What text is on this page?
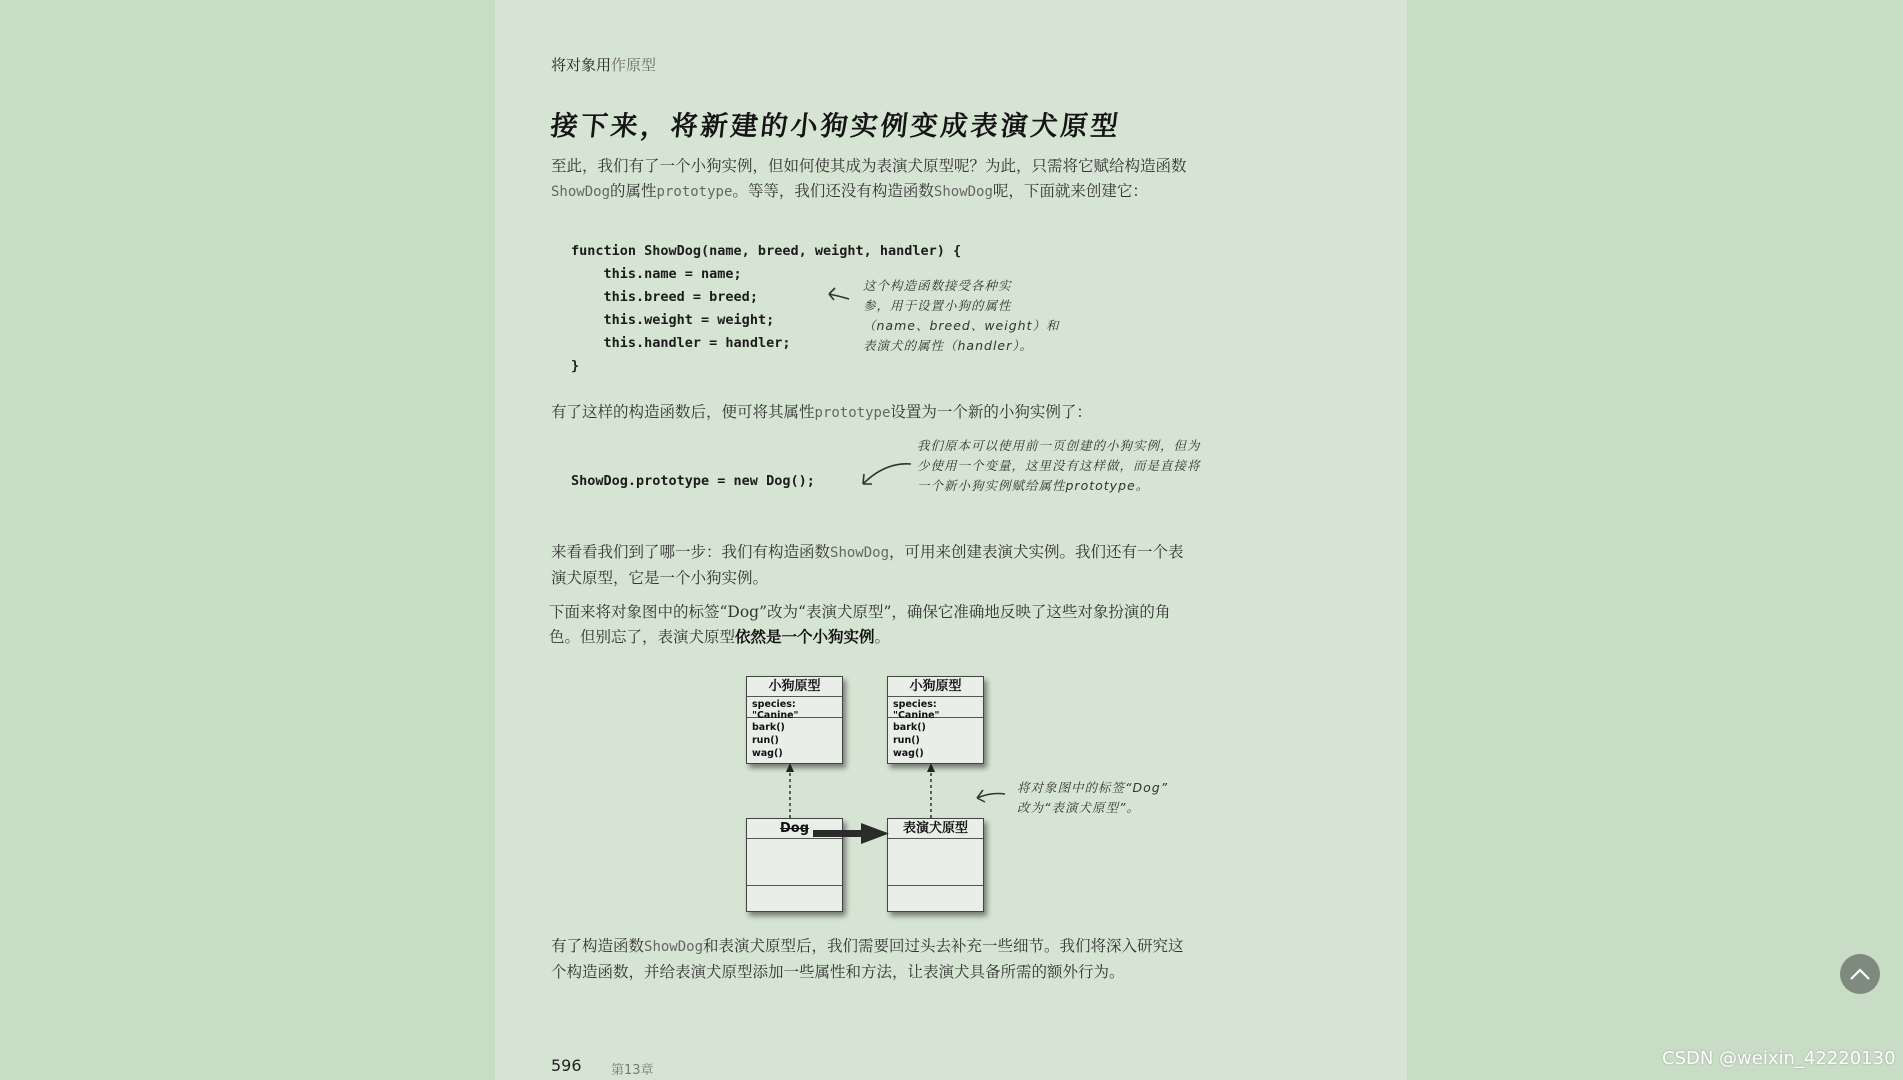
将对象用作原型
接下来，将新建的小狗实例变成表演犬原型
至此，我们有了一个小狗实例，但如何使其成为表演犬原型呢？为此，只需将它赋给构造函数ShowDog的属性prototype。等等，我们还没有构造函数ShowDog呢，下面就来创建它：
function ShowDog(name, breed, weight, handler) {
this.name = name;
this.breed = breed;
this.weight = weight;
this.handler = handler;
}
这个构造函数接受各种实
参，用于设置小狗的属性
（name、breed、weight）和
表演犬的属性（handler）。
有了这样的构造函数后，便可将其属性prototype设置为一个新的小狗实例了：
ShowDog.prototype = new Dog();
我们原本可以使用前一页创建的小狗实例，但为
少使用一个变量，这里没有这样做，而是直接将
一个新小狗实例赋给属性prototype。
来看看我们到了哪一步：我们有构造函数ShowDog，可用来创建表演犬实例。我们还有一个表演犬原型，它是一个小狗实例。
下面来将对象图中的标签“Dog”改为“表演犬原型”，确保它准确地反映了这些对象扮演的角色。但别忘了，表演犬原型依然是一个小狗实例。
小狗原型
species: "Canine"
bark()
run()
wag()
小狗原型
species: "Canine"
bark()
run()
wag()
Dog	表演犬原型
将对象图中的标签“Dog”
改为“表演犬原型”。
有了构造函数ShowDog和表演犬原型后，我们需要回过头去补充一些细节。我们将深入研究这个构造函数，并给表演犬原型添加一些属性和方法，让表演犬具备所需的额外行为。
596 第13章
CSDN @weixin_42220130
